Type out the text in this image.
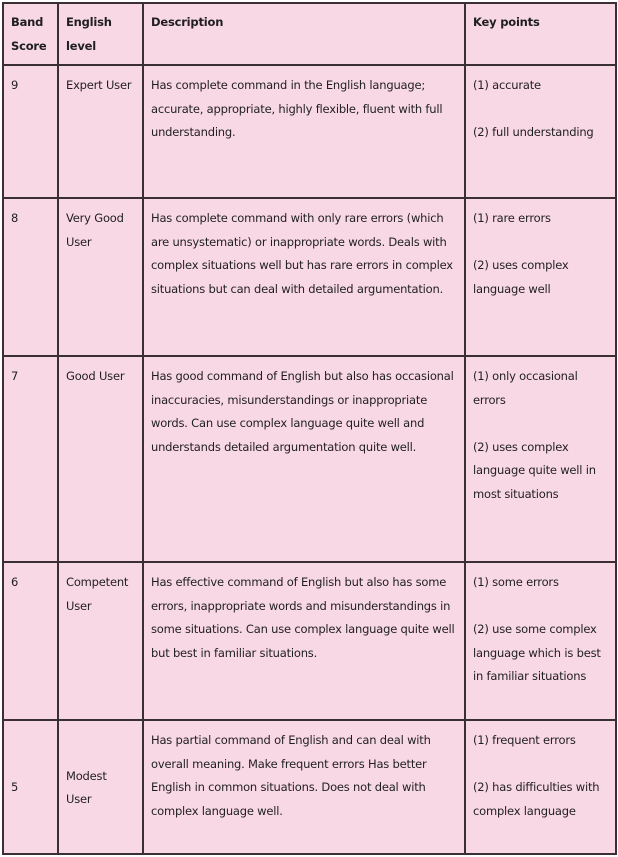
Band Score	English level	Description	Key points
9	Expert User	Has complete command in the English language; accurate, appropriate, highly flexible, fluent with full understanding.	(1) accurate
(2) full understanding

8	Very Good User	Has complete command with only rare errors (which are unsystematic) or inappropriate words. Deals with complex situations well but has rare errors in complex situations but can deal with detailed argumentation.	(1) rare errors
(2) uses complex language well

7	Good User	Has good command of English but also has occasional inaccuracies, misunderstandings or inappropriate words. Can use complex language quite well and understands detailed argumentation quite well.	(1) only occasional errors
(2) uses complex language quite well in most situations

6	Competent User	Has effective command of English but also has some errors, inappropriate words and misunderstandings in some situations. Can use complex language quite well but best in familiar situations.	(1) some errors
(2) use some complex language which is best in familiar situations

5	Modest User	Has partial command of English and can deal with overall meaning. Make frequent errors Has better English in common situations. Does not deal with complex language well.	(1) frequent errors
(2) has difficulties with complex language
